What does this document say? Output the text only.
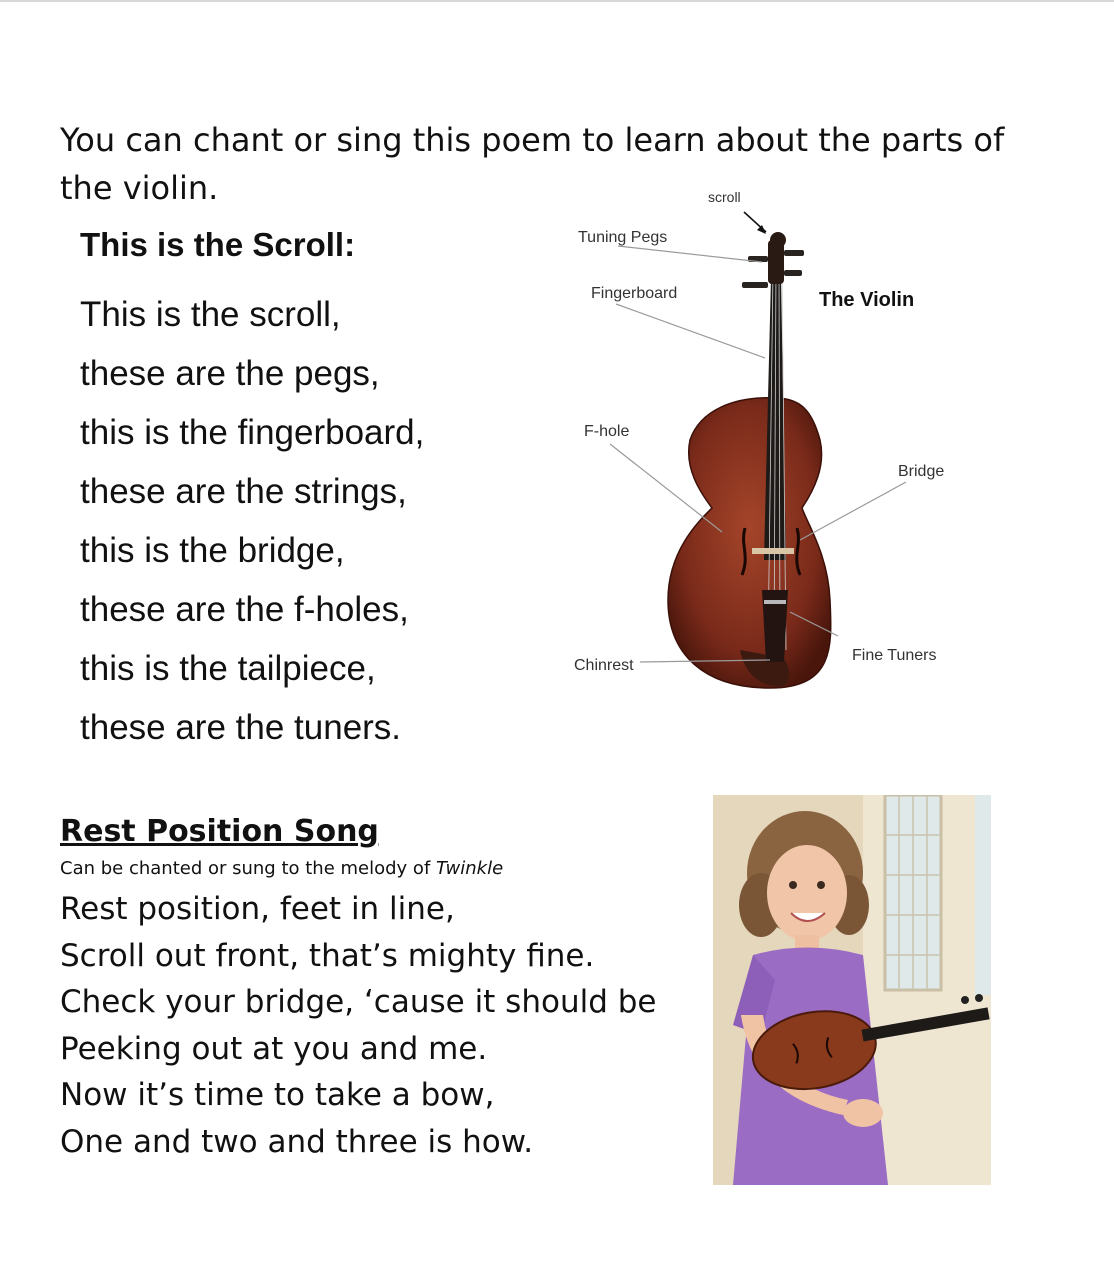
You can chant or sing this poem to learn about the parts of the violin.

This is the Scroll:
This is the scroll,
these are the pegs,
this is the fingerboard,
these are the strings,
this is the bridge,
these are the f-holes,
this is the tailpiece,
these are the tuners.
scroll
Tuning Pegs
Fingerboard	The Violin
F-hole
Bridge
Fine Tuners
Chinrest
Rest Position Song

Can be chanted or sung to the melody of Twinkle

Rest position, feet in line,
Scroll out front, that’s mighty fine.
Check your bridge, ‘cause it should be
Peeking out at you and me.
Now it’s time to take a bow,
One and two and three is how.
